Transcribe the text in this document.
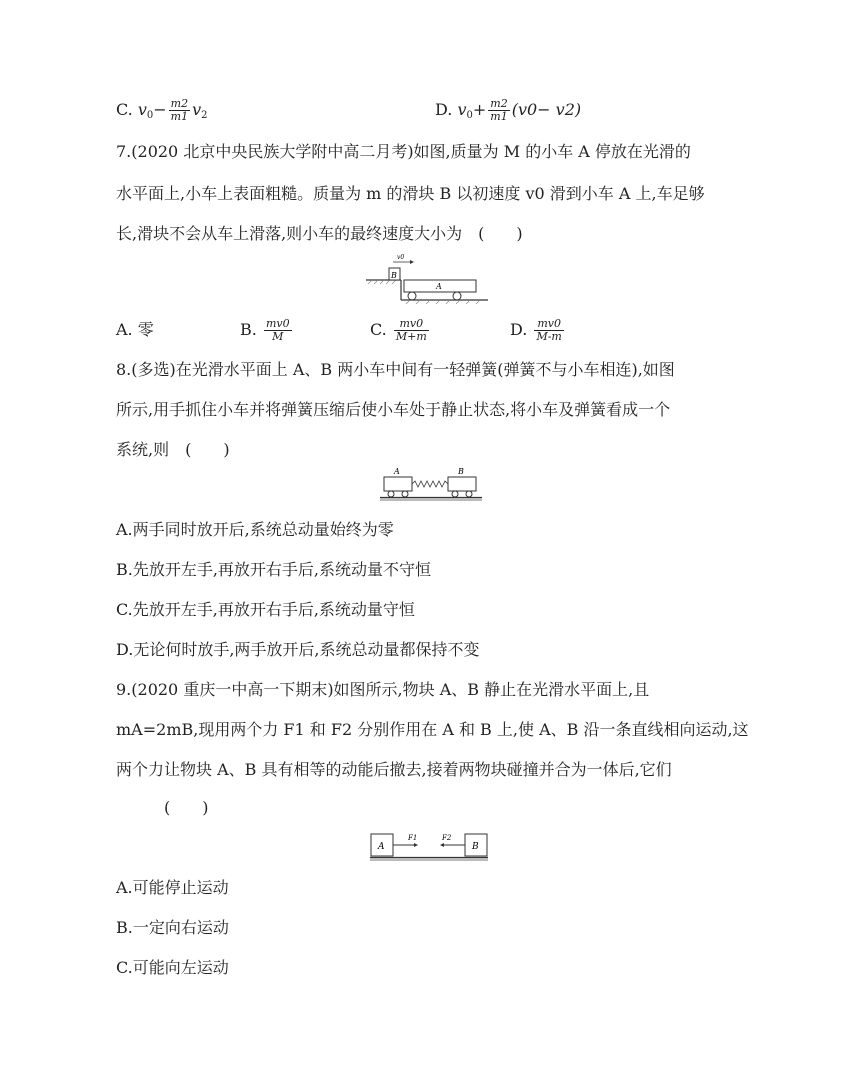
C. $v_0- \frac{m2}{m1} v_2$	D. $v_0+ \frac{m2}{m1} (v0- v2)$
7.(2020 北京中央民族大学附中高二月考)如图,质量为 M 的小车 A 停放在光滑的
水平面上,小车上表面粗糙。质量为 m 的滑块 B 以初速度 v0 滑到小车 A 上,车足够
长,滑块不会从车上滑落,则小车的最终速度大小为　(　　)
B
v0
A
A. 零	B. $\frac{mv0}{M}$	C. $\frac{mv0}{M+m}$	D. $\frac{mv0}{M-m}$
8.(多选)在光滑水平面上 A、B 两小车中间有一轻弹簧(弹簧不与小车相连),如图
所示,用手抓住小车并将弹簧压缩后使小车处于静止状态,将小车及弹簧看成一个
系统,则　(　　)
A	B
A.两手同时放开后,系统总动量始终为零
B.先放开左手,再放开右手后,系统动量不守恒
C.先放开左手,再放开右手后,系统动量守恒
D.无论何时放手,两手放开后,系统总动量都保持不变
9.(2020 重庆一中高一下期末)如图所示,物块 A、B 静止在光滑水平面上,且
mA=2mB,现用两个力 F1 和 F2 分别作用在 A 和 B 上,使 A、B 沿一条直线相向运动,这
两个力让物块 A、B 具有相等的动能后撤去,接着两物块碰撞并合为一体后,它们
(　　)
A	B
F1	F2
A.可能停止运动
B.一定向右运动
C.可能向左运动
